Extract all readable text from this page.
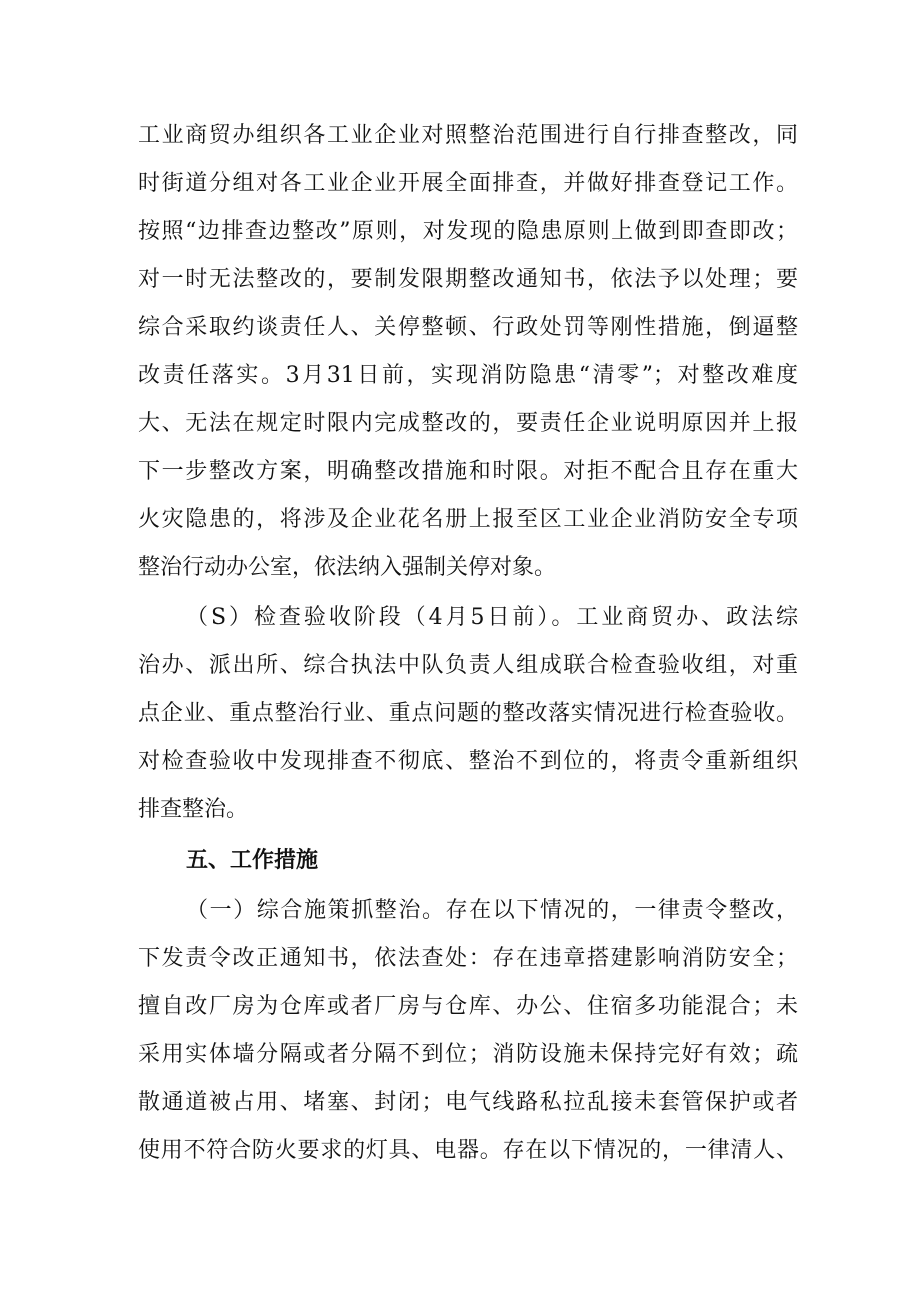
工业商贸办组织各工业企业对照整治范围进行自行排查整改，同
时街道分组对各工业企业开展全面排查，并做好排查登记工作。
按照“边排查边整改”原则，对发现的隐患原则上做到即查即改；
对一时无法整改的，要制发限期整改通知书，依法予以处理；要
综合采取约谈责任人、关停整顿、行政处罚等刚性措施，倒逼整
改责任落实。3月31日前，实现消防隐患“清零”；对整改难度
大、无法在规定时限内完成整改的，要责任企业说明原因并上报
下一步整改方案，明确整改措施和时限。对拒不配合且存在重大
火灾隐患的，将涉及企业花名册上报至区工业企业消防安全专项
整治行动办公室，依法纳入强制关停对象。
（S）检查验收阶段（4月5日前）。工业商贸办、政法综
治办、派出所、综合执法中队负责人组成联合检查验收组，对重
点企业、重点整治行业、重点问题的整改落实情况进行检查验收。
对检查验收中发现排查不彻底、整治不到位的，将责令重新组织
排查整治。
五、工作措施
（一）综合施策抓整治。存在以下情况的，一律责令整改，
下发责令改正通知书，依法查处：存在违章搭建影响消防安全；
擅自改厂房为仓库或者厂房与仓库、办公、住宿多功能混合；未
采用实体墙分隔或者分隔不到位；消防设施未保持完好有效；疏
散通道被占用、堵塞、封闭；电气线路私拉乱接未套管保护或者
使用不符合防火要求的灯具、电器。存在以下情况的，一律清人、
